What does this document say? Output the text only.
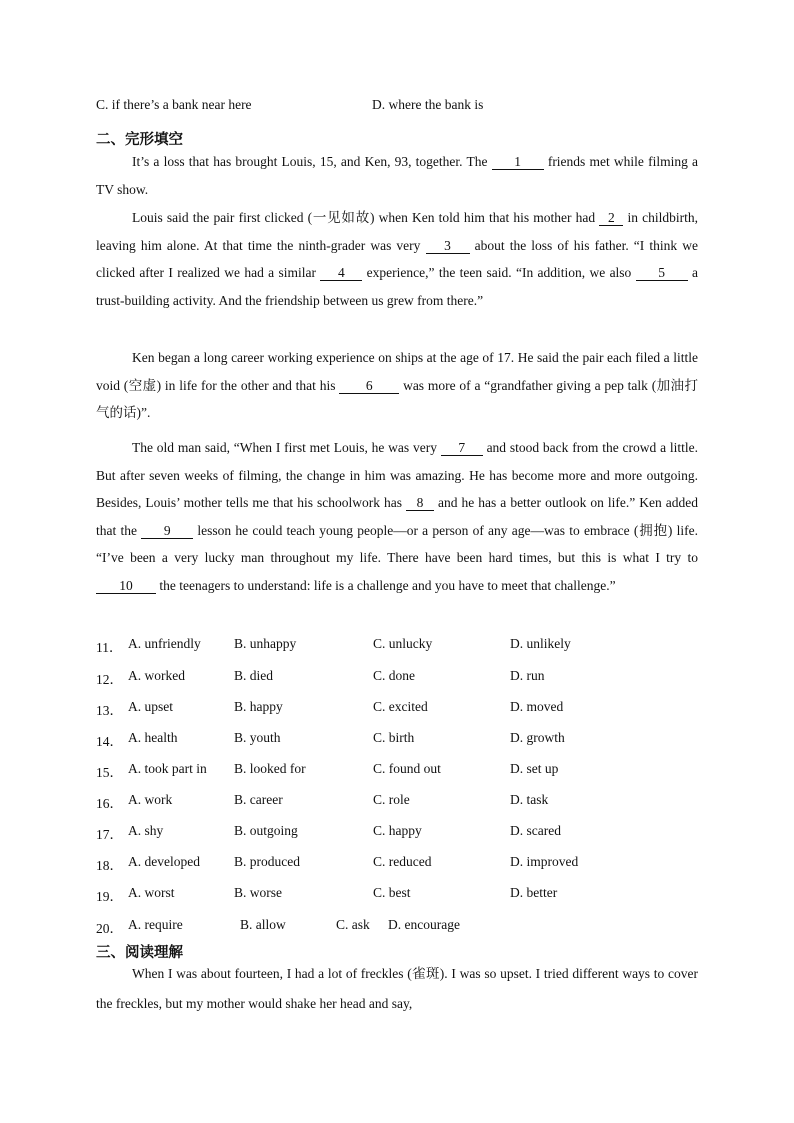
C. if there’s a bank near here	D. where the bank is
二、完形填空
It’s a loss that has brought Louis, 15, and Ken, 93, together. The 1 friends met while filming a TV show.
Louis said the pair first clicked (一见如故) when Ken told him that his mother had 2 in childbirth, leaving him alone. At that time the ninth-grader was very 3 about the loss of his father. “I think we clicked after I realized we had a similar 4 experience,” the teen said. “In addition, we also 5 a trust-building activity. And the friendship between us grew from there.”
Ken began a long career working experience on ships at the age of 17. He said the pair each filed a little void (空虚) in life for the other and that his 6 was more of a “grandfather giving a pep talk (加油打气的话)”.
The old man said, “When I first met Louis, he was very 7 and stood back from the crowd a little. But after seven weeks of filming, the change in him was amazing. He has become more and more outgoing. Besides, Louis’ mother tells me that his schoolwork has 8 and he has a better outlook on life.” Ken added that the 9 lesson he could teach young people—or a person of any age—was to embrace (拥抱) life. “I’ve been a very lucky man throughout my life. There have been hard times, but this is what I try to 10 the teenagers to understand: life is a challenge and you have to meet that challenge.”
11． A. unfriendly B. unhappy	C. unlucky	D. unlikely
12． A. worked	B. died	C. done	D. run
13． A. upset	B. happy	C. excited	D. moved
14． A. health	B. youth	C. birth	D. growth
15． A. took part in B. looked for	C. found out	D. set up
16． A. work	B. career	C. role	D. task
17． A. shy	B. outgoing	C. happy	D. scared
18． A. developed	B. produced	C. reduced	D. improved
19． A. worst	B. worse	C. best	D. better
20． A. require	B. allow	C. ask D. encourage
三、阅读理解
When I was about fourteen, I had a lot of freckles (雀斑). I was so upset. I tried different ways to cover the freckles, but my mother would shake her head and say,
